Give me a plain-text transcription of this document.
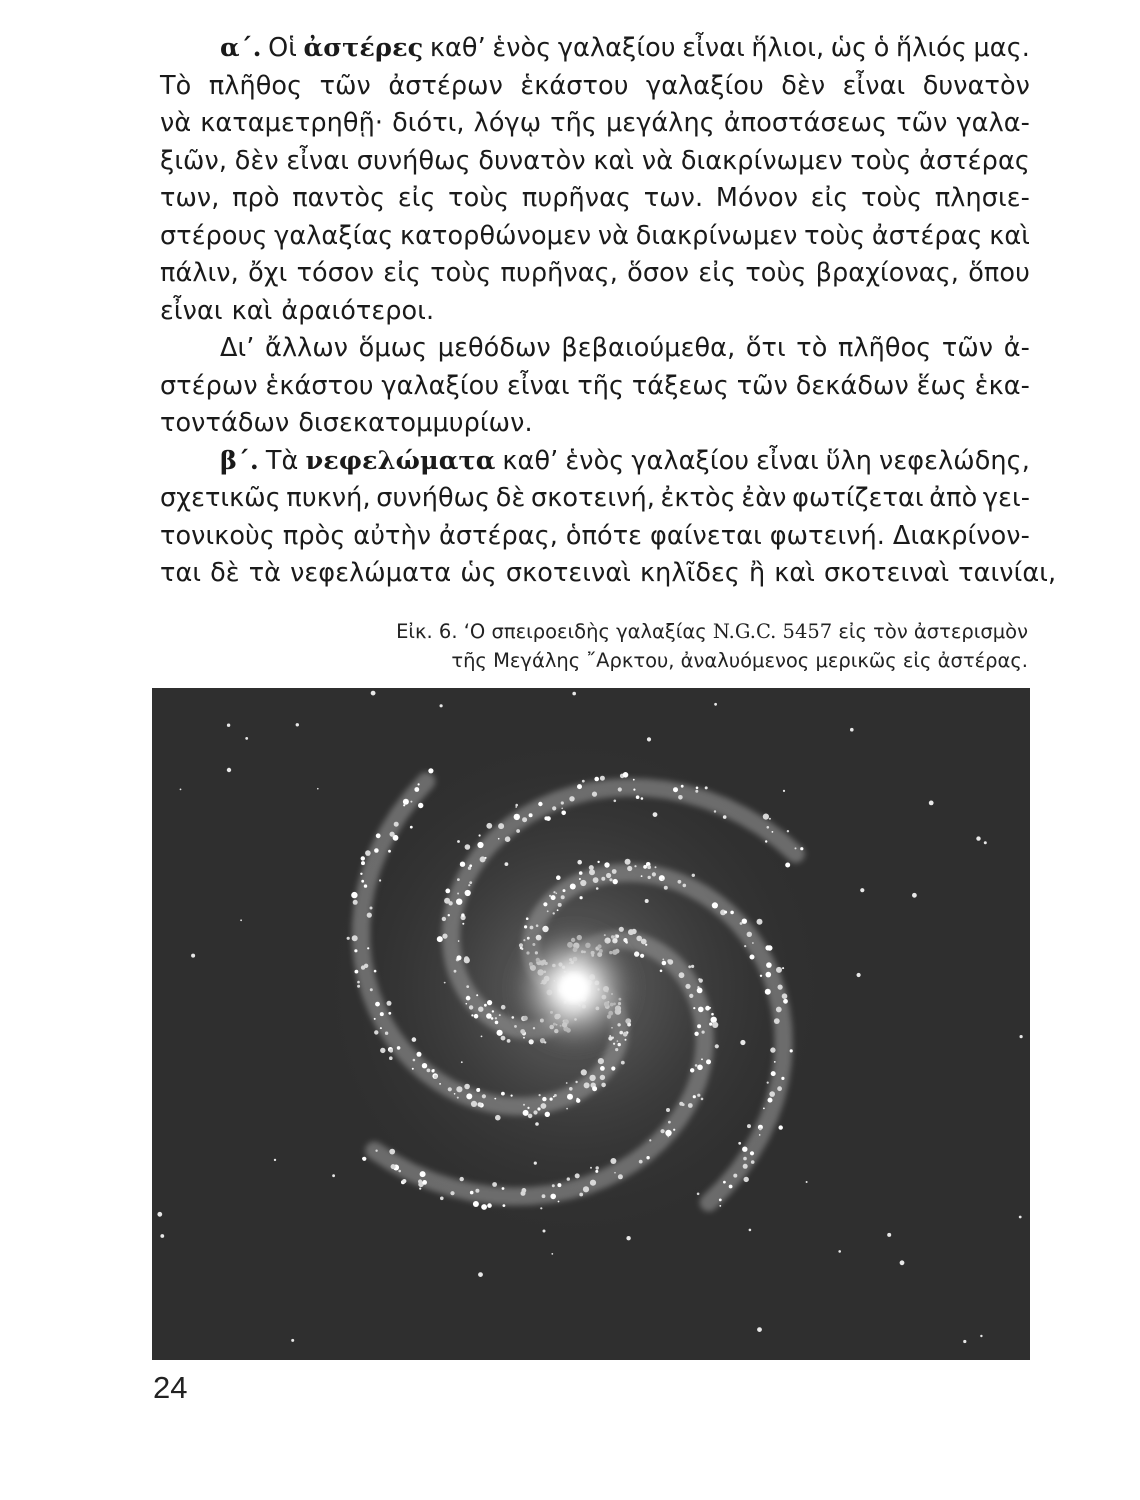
α΄. Οἱ ἀστέρες καθ’ ἑνὸς γαλαξίου εἶναι ἥλιοι, ὡς ὁ ἥλιός μας.
Τὸ πλῆθος τῶν ἀστέρων ἑκάστου γαλαξίου δὲν εἶναι δυνατὸν
νὰ καταμετρηθῇ· διότι, λόγῳ τῆς μεγάλης ἀποστάσεως τῶν γαλα-
ξιῶν, δὲν εἶναι συνήθως δυνατὸν καὶ νὰ διακρίνωμεν τοὺς ἀστέρας
των, πρὸ παντὸς εἰς τοὺς πυρῆνας των. Μόνον εἰς τοὺς πλησιε-
στέρους γαλαξίας κατορθώνομεν νὰ διακρίνωμεν τοὺς ἀστέρας καὶ
πάλιν, ὄχι τόσον εἰς τοὺς πυρῆνας, ὅσον εἰς τοὺς βραχίονας, ὅπου
εἶναι καὶ ἀραιότεροι.
Δι’ ἄλλων ὅμως μεθόδων βεβαιούμεθα, ὅτι τὸ πλῆθος τῶν ἀ-
στέρων ἑκάστου γαλαξίου εἶναι τῆς τάξεως τῶν δεκάδων ἕως ἑκα-
τοντάδων δισεκατομμυρίων.
β΄. Τὰ νεφελώματα καθ’ ἑνὸς γαλαξίου εἶναι ὕλη νεφελώδης,
σχετικῶς πυκνή, συνήθως δὲ σκοτεινή, ἐκτὸς ἐὰν φωτίζεται ἀπὸ γει-
τονικοὺς πρὸς αὐτὴν ἀστέρας, ὁπότε φαίνεται φωτεινή. Διακρίνον-
ται δὲ τὰ νεφελώματα ὡς σκοτειναὶ κηλῖδες ἢ καὶ σκοτειναὶ ταινίαι,
Εἰκ. 6. ‘Ο σπειροειδὴς γαλαξίας N.G.C. 5457 εἰς τὸν ἀστερισμὸν
τῆς Μεγάλης ῎Αρκτου, ἀναλυόμενος μερικῶς εἰς ἀστέρας.
24
